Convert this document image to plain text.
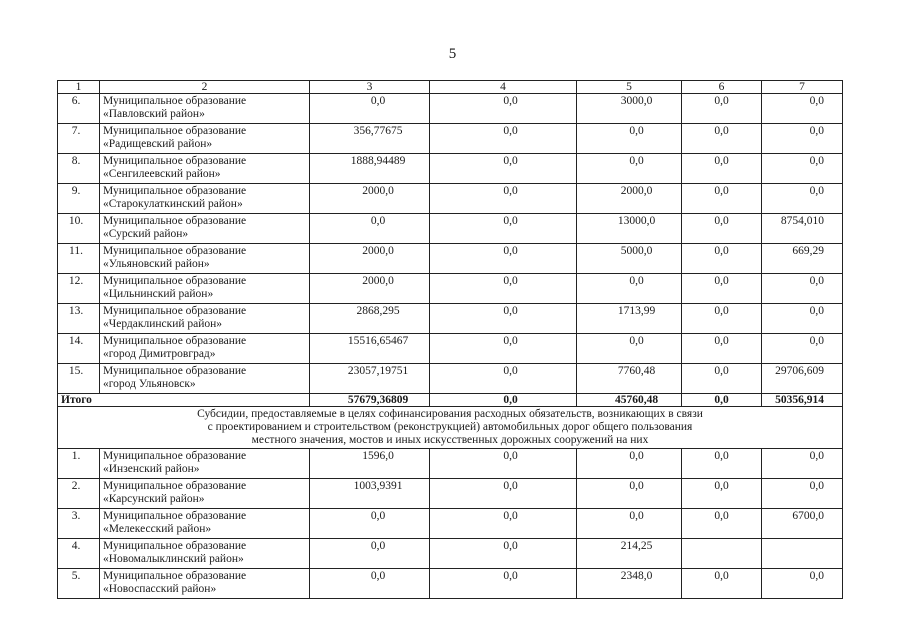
5
1	2	3	4	5	6	7
6.	Муниципальное образование
«Павловский район»	0,0	0,0	3000,0	0,0	0,0
7.	Муниципальное образование
«Радищевский район»	356,77675	0,0	0,0	0,0	0,0
8.	Муниципальное образование
«Сенгилеевский район»	1888,94489	0,0	0,0	0,0	0,0
9.	Муниципальное образование
«Старокулаткинский район»	2000,0	0,0	2000,0	0,0	0,0
10.	Муниципальное образование
«Сурский район»	0,0	0,0	13000,0	0,0	8754,010
11.	Муниципальное образование
«Ульяновский район»	2000,0	0,0	5000,0	0,0	669,29
12.	Муниципальное образование
«Цильнинский район»	2000,0	0,0	0,0	0,0	0,0
13.	Муниципальное образование
«Чердаклинский район»	2868,295	0,0	1713,99	0,0	0,0
14.	Муниципальное образование
«город Димитровград»	15516,65467	0,0	0,0	0,0	0,0
15.	Муниципальное образование
«город Ульяновск»	23057,19751	0,0	7760,48	0,0	29706,609
Итого		57679,36809	0,0	45760,48	0,0	50356,914

Субсидии, предоставляемые в целях софинансирования расходных обязательств, возникающих в связи
с проектированием и строительством (реконструкцией) автомобильных дорог общего пользования
местного значения, мостов и иных искусственных дорожных сооружений на них						

1.	Муниципальное образование
«Инзенский район»	1596,0	0,0	0,0	0,0	0,0
2.	Муниципальное образование
«Карсунский район»	1003,9391	0,0	0,0	0,0	0,0
3.	Муниципальное образование
«Мелекесский район»	0,0	0,0	0,0	0,0	6700,0
4.	Муниципальное образование
«Новомалыклинский район»	0,0	0,0	214,25		
5.	Муниципальное образование
«Новоспасский район»	0,0	0,0	2348,0	0,0	0,0
